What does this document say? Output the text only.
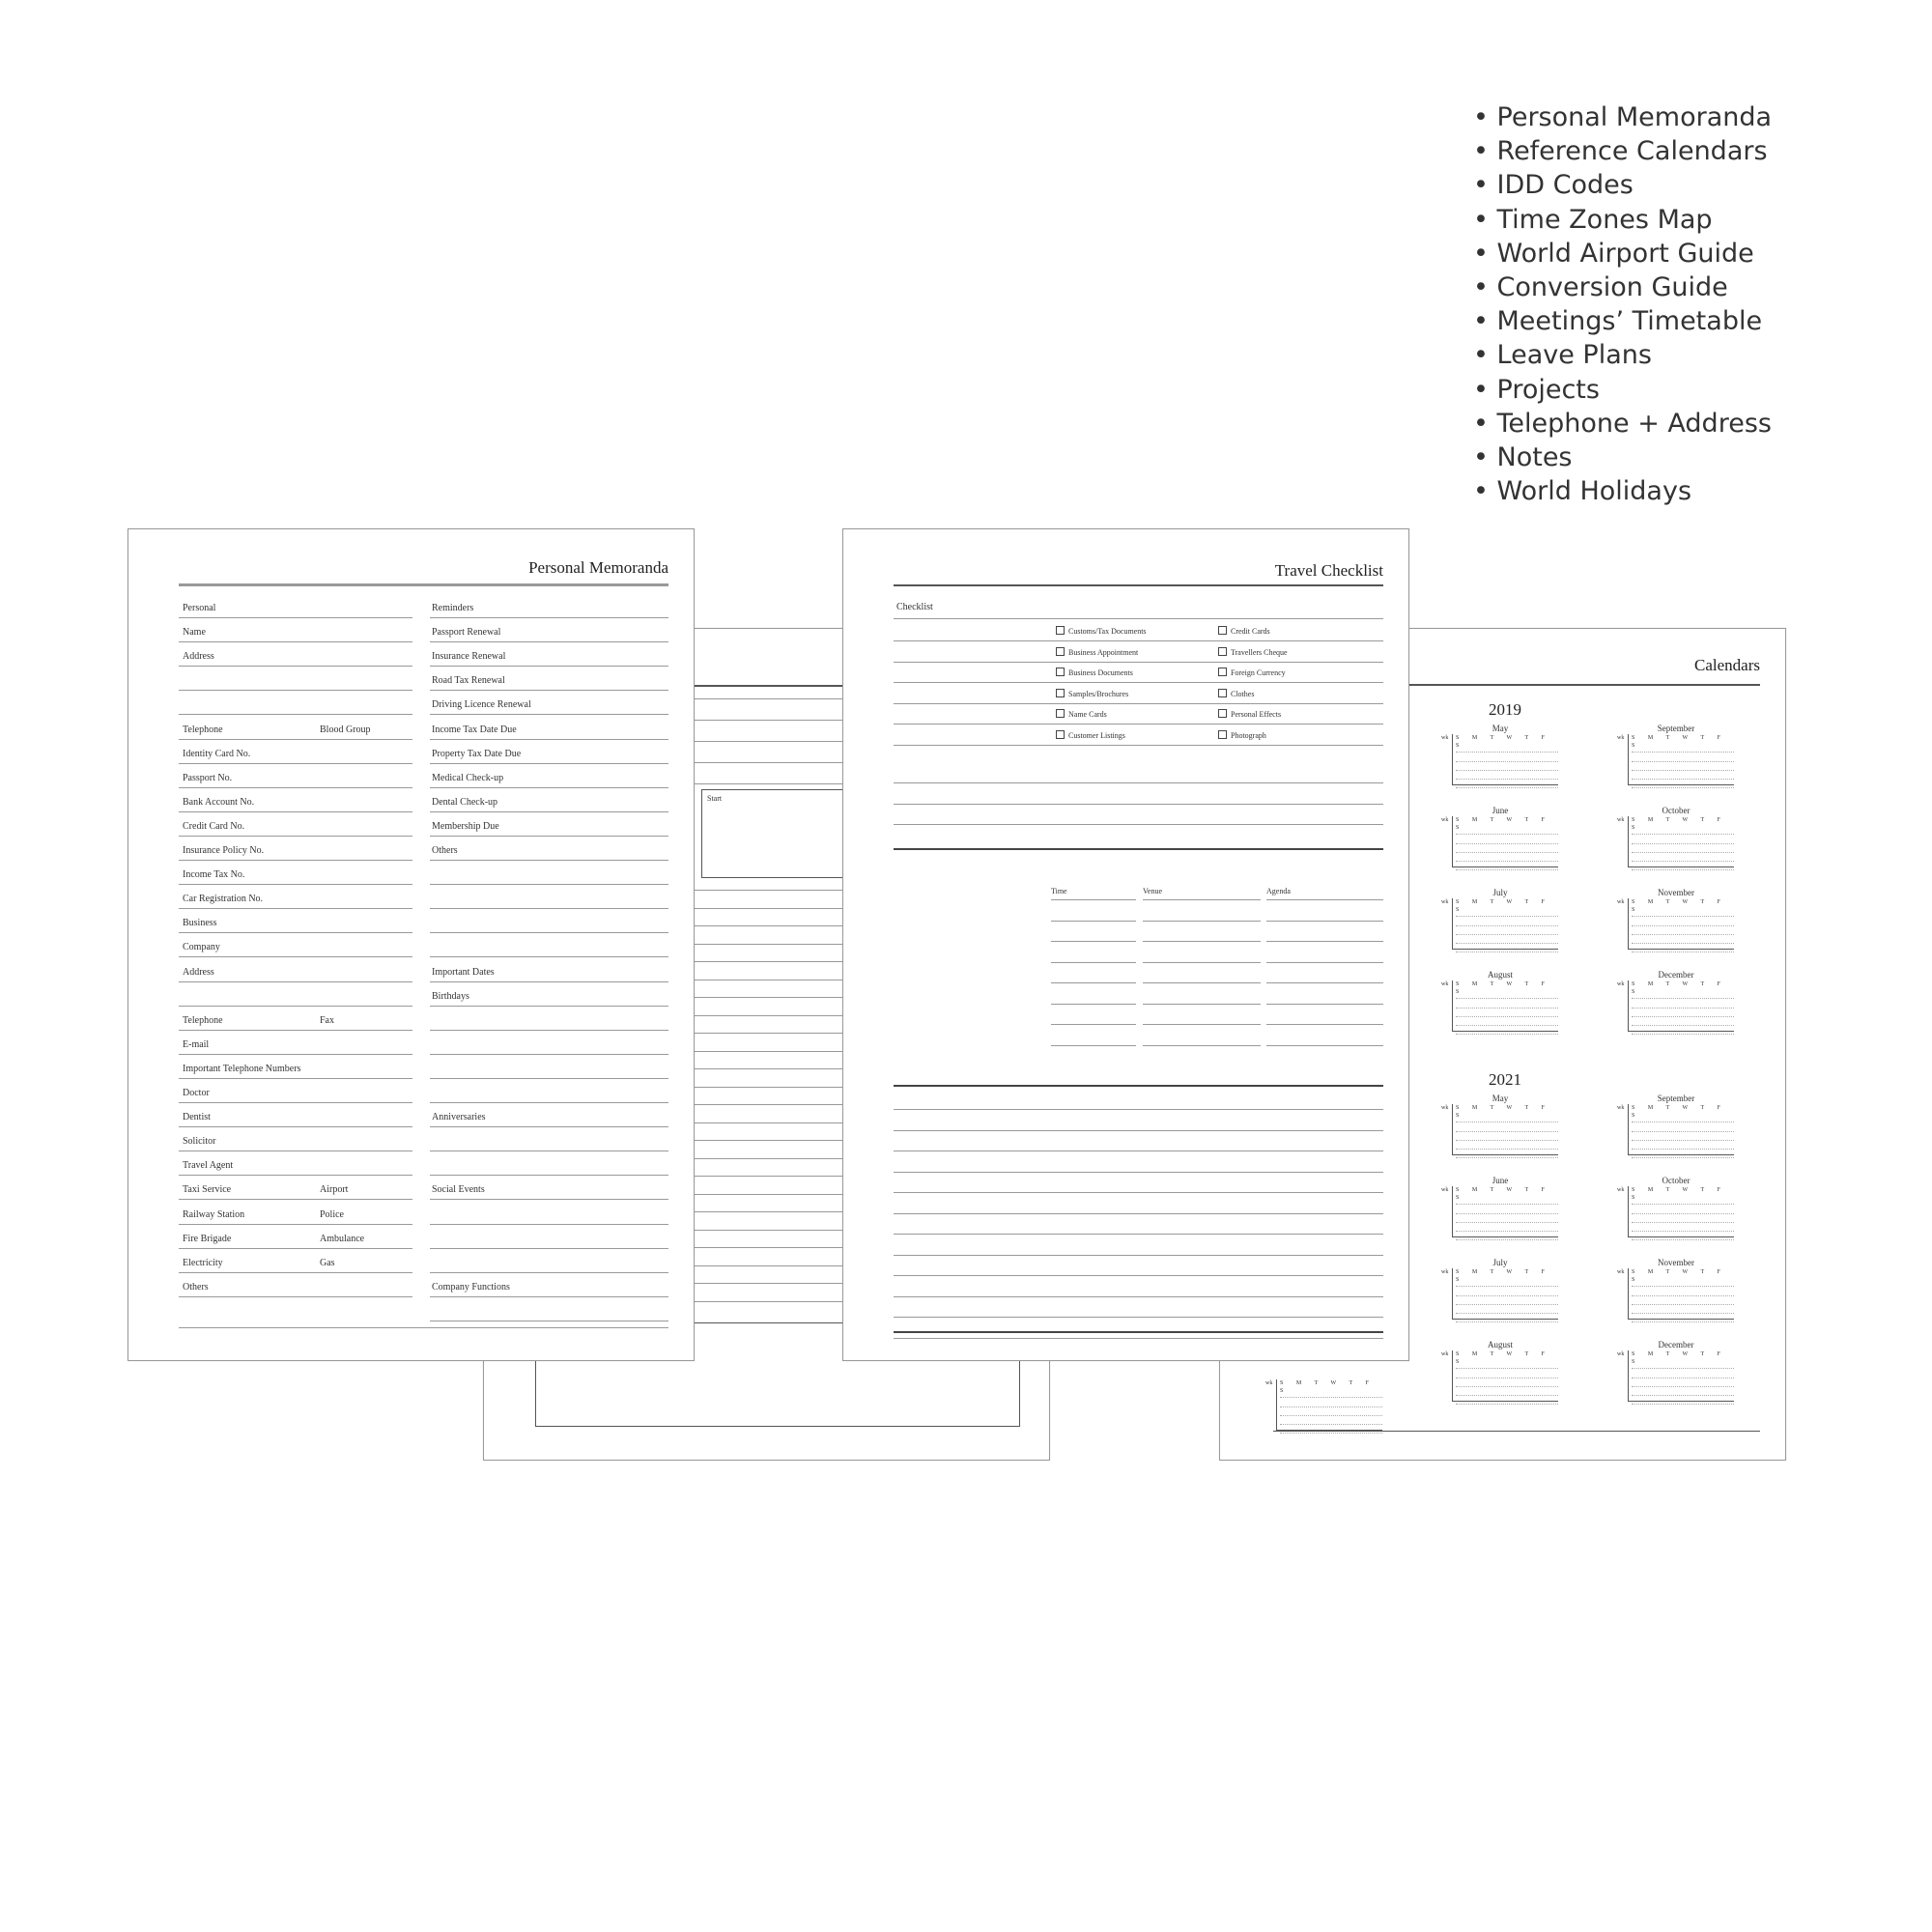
• Personal Memoranda
• Reference Calendars
• IDD Codes
• Time Zones Map
• World Airport Guide
• Conversion Guide
• Meetings’ Timetable
• Leave Plans
• Projects
• Telephone + Address
• Notes
• World Holidays
Calendars
2019
2021
May
wk	S M T W T F S
June
wk	S M T W T F S
July
wk	S M T W T F S
August
wk	S M T W T F S
September
wk	S M T W T F S
October
wk	S M T W T F S
November
wk	S M T W T F S
December
wk	S M T W T F S
May
wk	S M T W T F S
June
wk	S M T W T F S
July
wk	S M T W T F S
August
wk	S M T W T F S
September
wk	S M T W T F S
October
wk	S M T W T F S
November
wk	S M T W T F S
December
wk	S M T W T F S
wk	S M T W T F S
Start
Travel Checklist
Checklist
Customs/Tax Documents
Business Appointment
Business Documents
Samples/Brochures
Name Cards
Customer Listings
Credit Cards
Travellers Cheque
Foreign Currency
Clothes
Personal Effects
Photograph
Time	Venue	Agenda
Personal Memoranda
Personal
Name
Address
Telephone	Blood Group
Identity Card No.
Passport No.
Bank Account No.
Credit Card No.
Insurance Policy No.
Income Tax No.
Car Registration No.
Business
Company
Address
Telephone	Fax
E-mail
Important Telephone Numbers
Doctor
Dentist
Solicitor
Travel Agent
Taxi Service	Airport
Railway Station	Police
Fire Brigade	Ambulance
Electricity	Gas
Others
Reminders
Passport Renewal
Insurance Renewal
Road Tax Renewal
Driving Licence Renewal
Income Tax Date Due
Property Tax Date Due
Medical Check-up
Dental Check-up
Membership Due
Others
Important Dates
Birthdays
Anniversaries
Social Events
Company Functions
